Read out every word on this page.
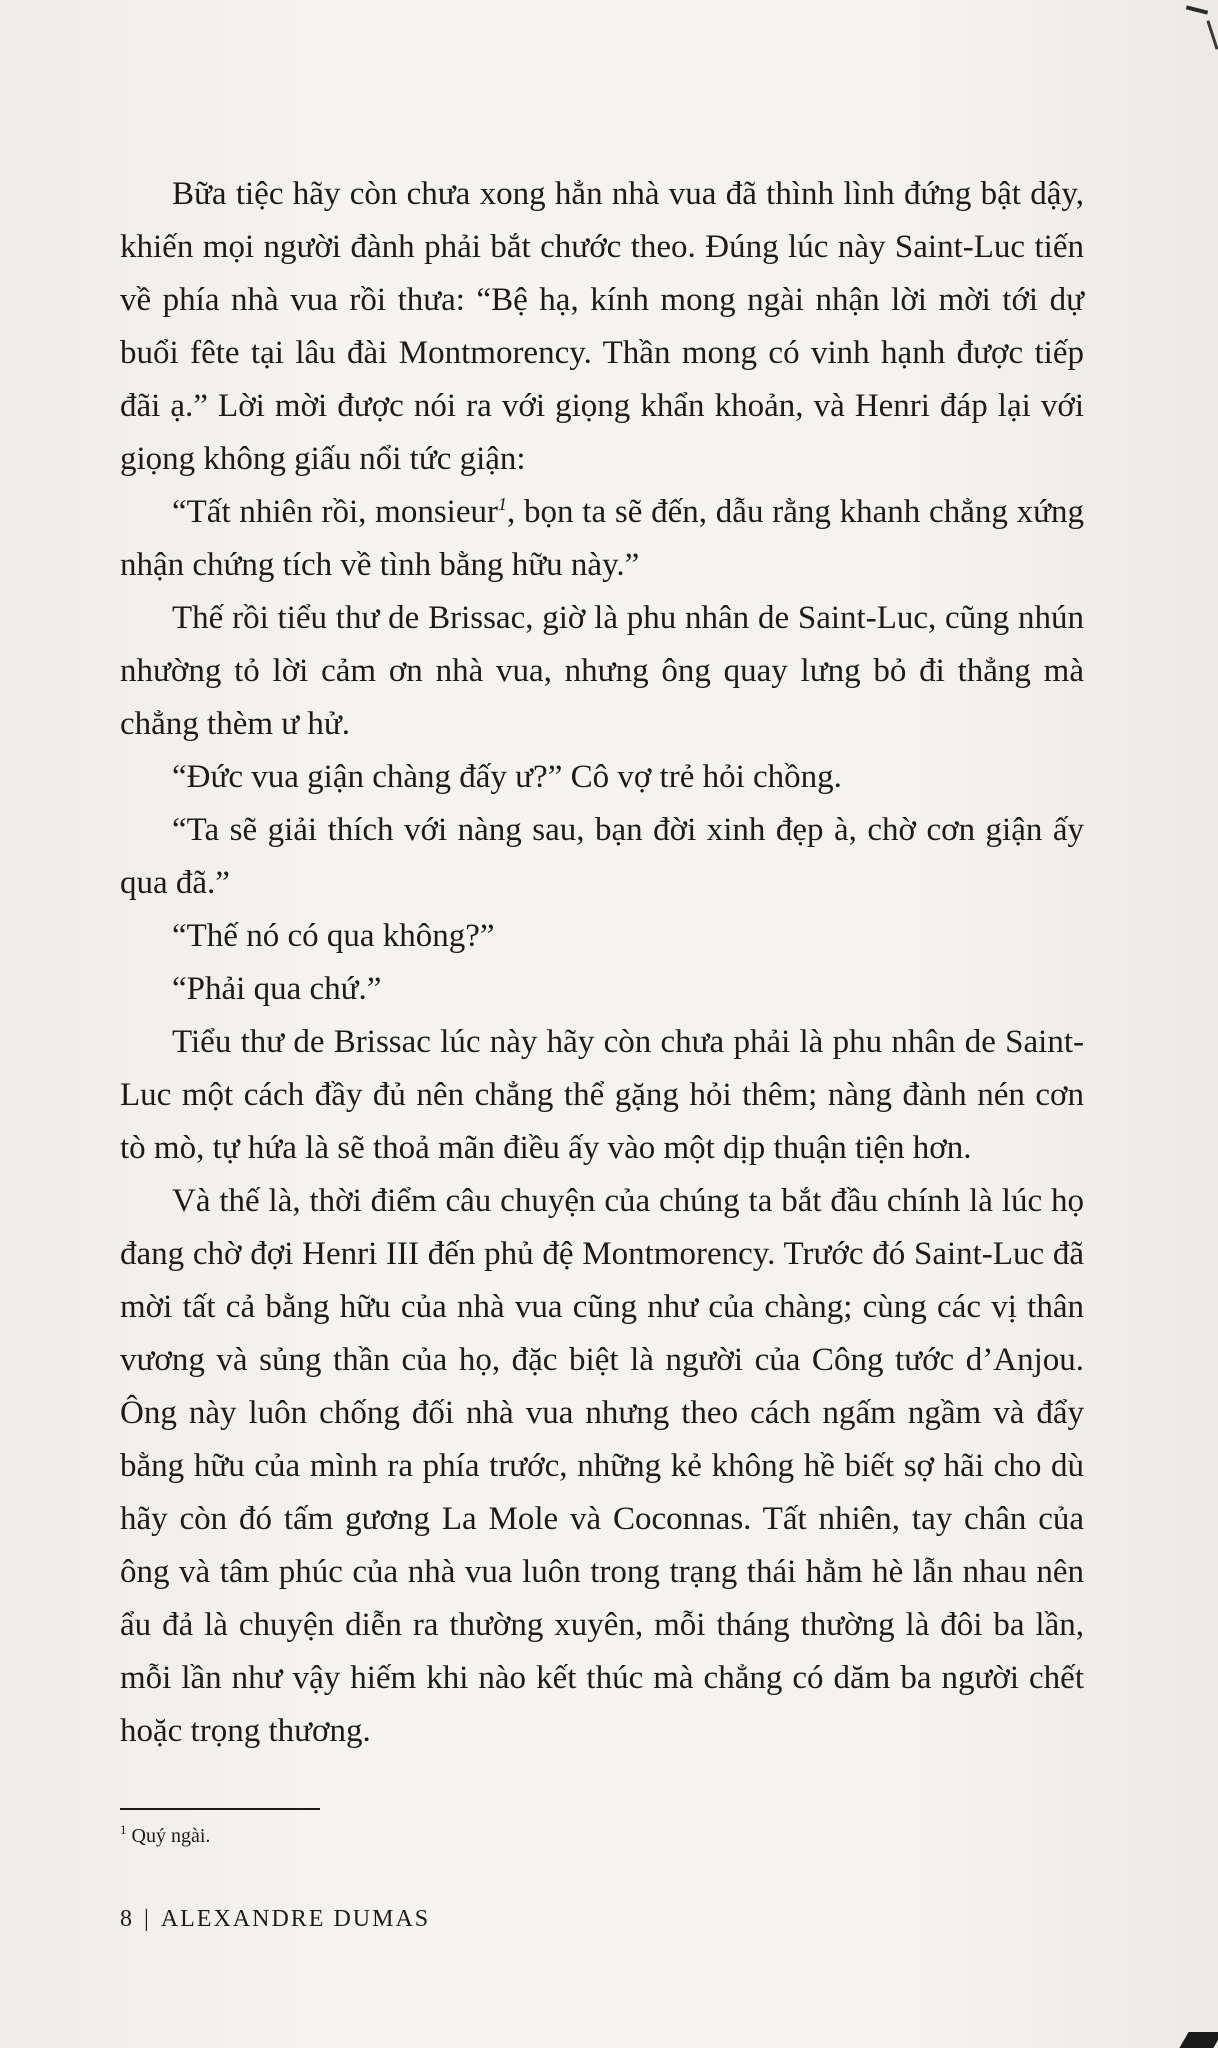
Bữa tiệc hãy còn chưa xong hẳn nhà vua đã thình lình đứng bật dậy, khiến mọi người đành phải bắt chước theo. Đúng lúc này Saint-Luc tiến về phía nhà vua rồi thưa: “Bệ hạ, kính mong ngài nhận lời mời tới dự buổi fête tại lâu đài Montmorency. Thần mong có vinh hạnh được tiếp đãi ạ.” Lời mời được nói ra với giọng khẩn khoản, và Henri đáp lại với giọng không giấu nổi tức giận:

“Tất nhiên rồi, monsieur$^1$, bọn ta sẽ đến, dẫu rằng khanh chẳng xứng nhận chứng tích về tình bằng hữu này.”

Thế rồi tiểu thư de Brissac, giờ là phu nhân de Saint-Luc, cũng nhún nhường tỏ lời cảm ơn nhà vua, nhưng ông quay lưng bỏ đi thẳng mà chẳng thèm ư hử.

“Đức vua giận chàng đấy ư?” Cô vợ trẻ hỏi chồng.

“Ta sẽ giải thích với nàng sau, bạn đời xinh đẹp à, chờ cơn giận ấy qua đã.”

“Thế nó có qua không?”

“Phải qua chứ.”

Tiểu thư de Brissac lúc này hãy còn chưa phải là phu nhân de Saint-Luc một cách đầy đủ nên chẳng thể gặng hỏi thêm; nàng đành nén cơn tò mò, tự hứa là sẽ thoả mãn điều ấy vào một dịp thuận tiện hơn.

Và thế là, thời điểm câu chuyện của chúng ta bắt đầu chính là lúc họ đang chờ đợi Henri III đến phủ đệ Montmorency. Trước đó Saint-Luc đã mời tất cả bằng hữu của nhà vua cũng như của chàng; cùng các vị thân vương và sủng thần của họ, đặc biệt là người của Công tước d’Anjou. Ông này luôn chống đối nhà vua nhưng theo cách ngấm ngầm và đẩy bằng hữu của mình ra phía trước, những kẻ không hề biết sợ hãi cho dù hãy còn đó tấm gương La Mole và Coconnas. Tất nhiên, tay chân của ông và tâm phúc của nhà vua luôn trong trạng thái hằm hè lẫn nhau nên ẩu đả là chuyện diễn ra thường xuyên, mỗi tháng thường là đôi ba lần, mỗi lần như vậy hiếm khi nào kết thúc mà chẳng có dăm ba người chết hoặc trọng thương.

$^1$ Quý ngài.
8 | ALEXANDRE DUMAS
